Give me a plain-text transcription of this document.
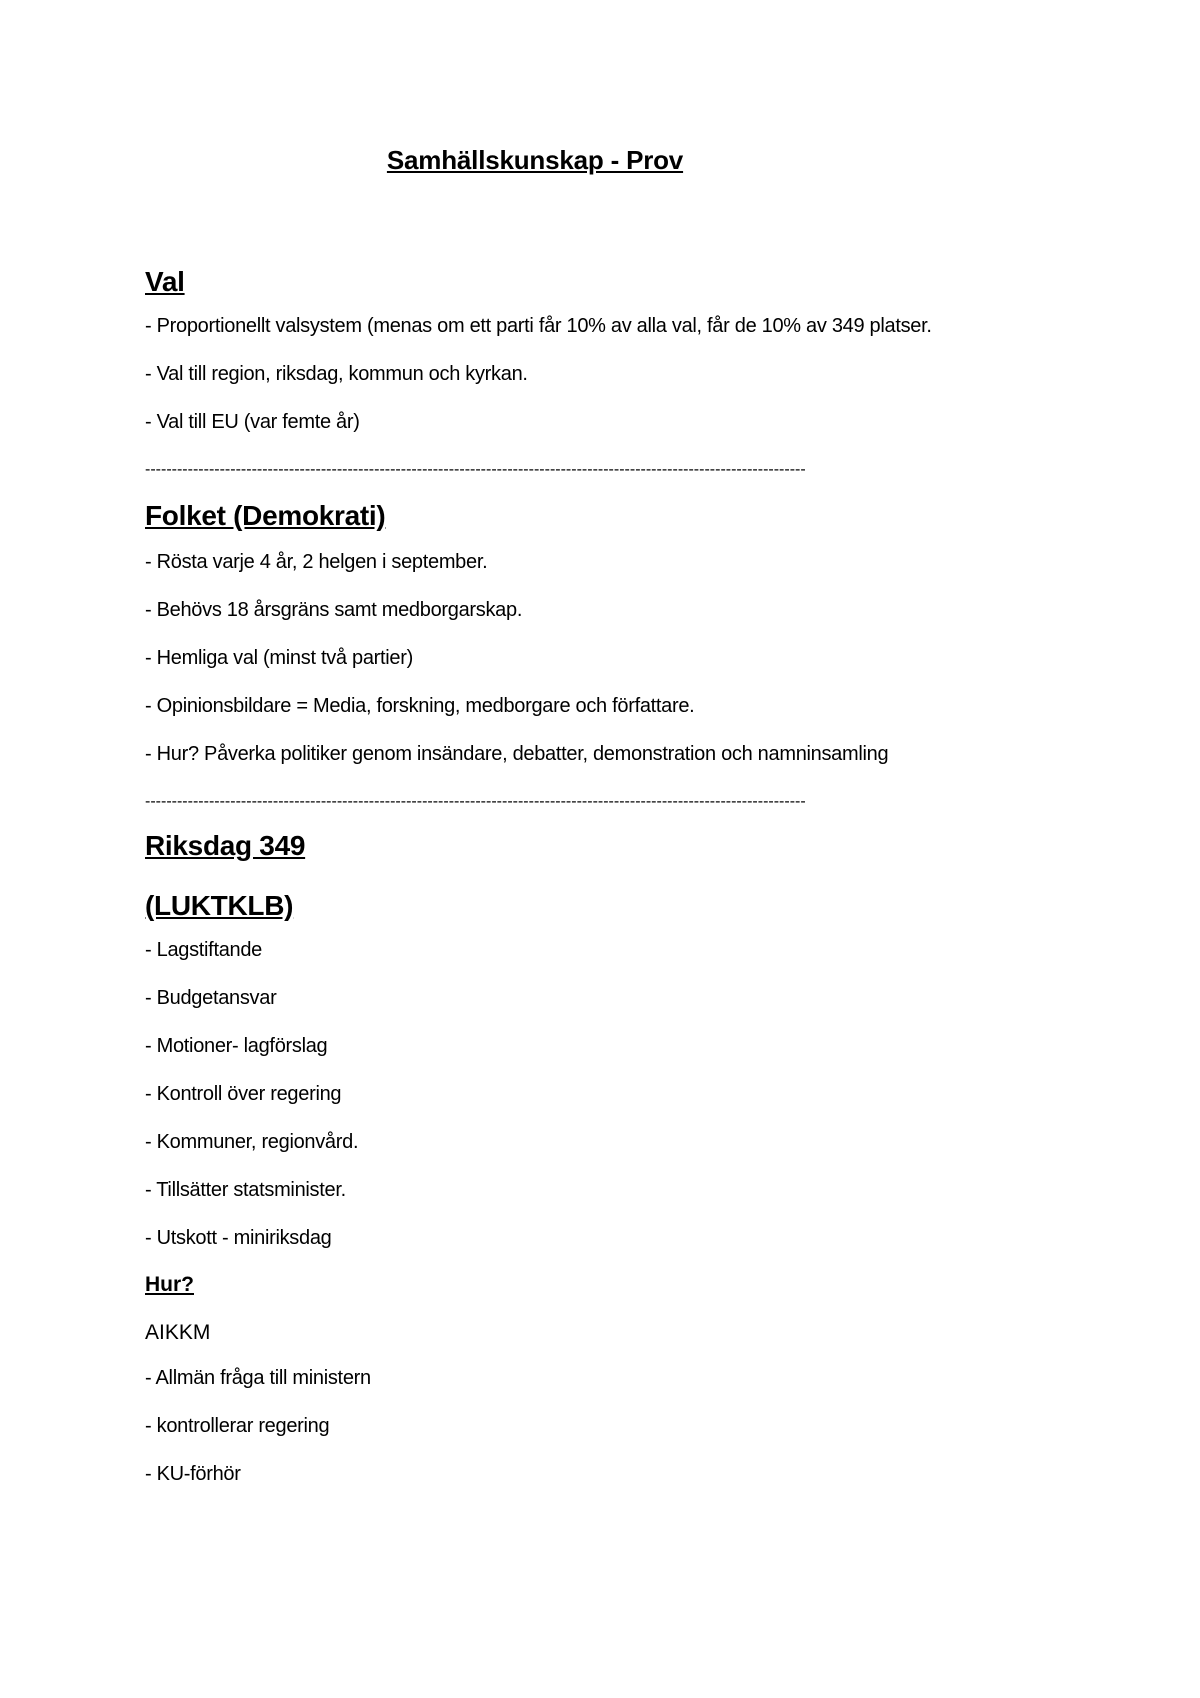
Samhällskunskap - Prov

Val

- Proportionellt valsystem (menas om ett parti får 10% av alla val, får de 10% av 349 platser.

- Val till region, riksdag, kommun och kyrkan.

- Val till EU (var femte år)

----------------------------------------------------------------------------------------------------------------------------

Folket (Demokrati)

- Rösta varje 4 år, 2 helgen i september.

- Behövs 18 årsgräns samt medborgarskap.

- Hemliga val (minst två partier)

- Opinionsbildare = Media, forskning, medborgare och författare.

- Hur? Påverka politiker genom insändare, debatter, demonstration och namninsamling

----------------------------------------------------------------------------------------------------------------------------

Riksdag 349

(LUKTKLB)

- Lagstiftande

- Budgetansvar

- Motioner- lagförslag

- Kontroll över regering

- Kommuner, regionvård.

- Tillsätter statsminister.

- Utskott - miniriksdag

Hur?

AIKKM

- Allmän fråga till ministern

- kontrollerar regering

- KU-förhör
